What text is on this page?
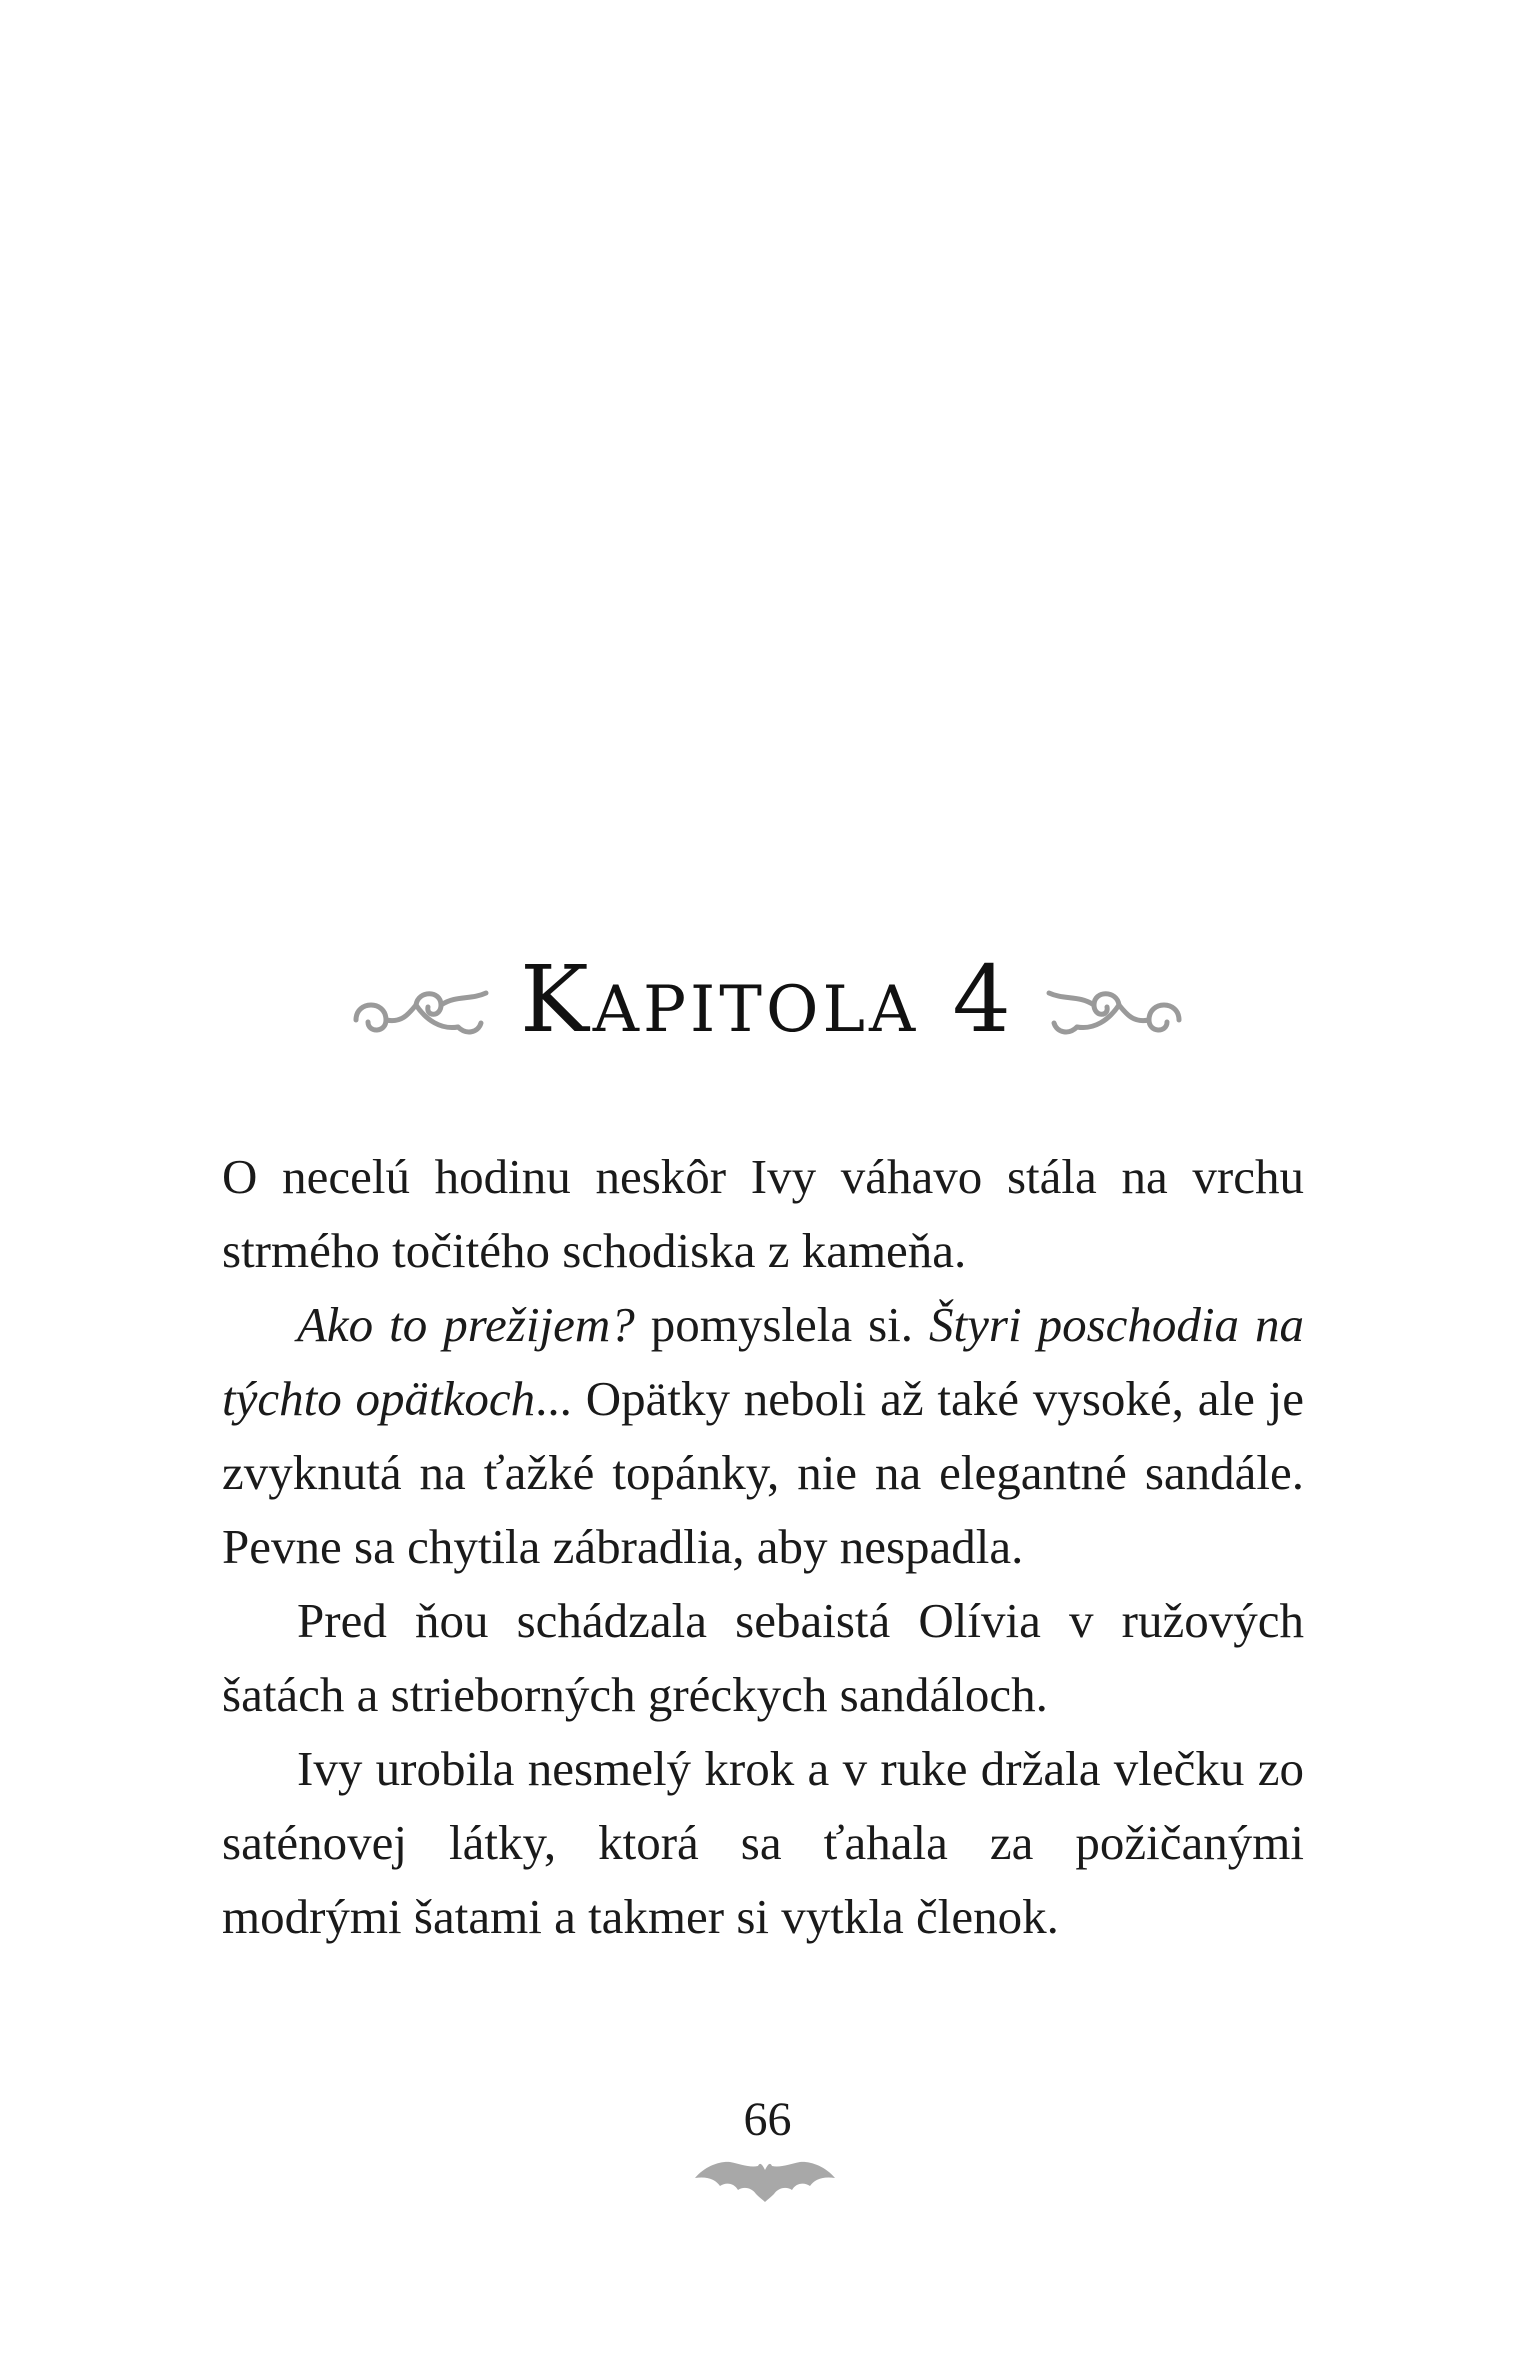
Kapitola 4

O necelú hodinu neskôr Ivy váhavo stála na vrchu strmého točitého schodiska z kameňa.

Ako to prežijem? pomyslela si. Štyri poschodia na týchto opätkoch... Opätky neboli až také vysoké, ale je zvyknutá na ťažké topánky, nie na elegantné sandále. Pevne sa chytila zábradlia, aby nespadla.

Pred ňou schádzala sebaistá Olívia v ružových šatách a strieborných gréckych sandáloch.

Ivy urobila nesmelý krok a v ruke držala vlečku zo saténovej látky, ktorá sa ťahala za požičanými modrými šatami a takmer si vytkla členok.

66
